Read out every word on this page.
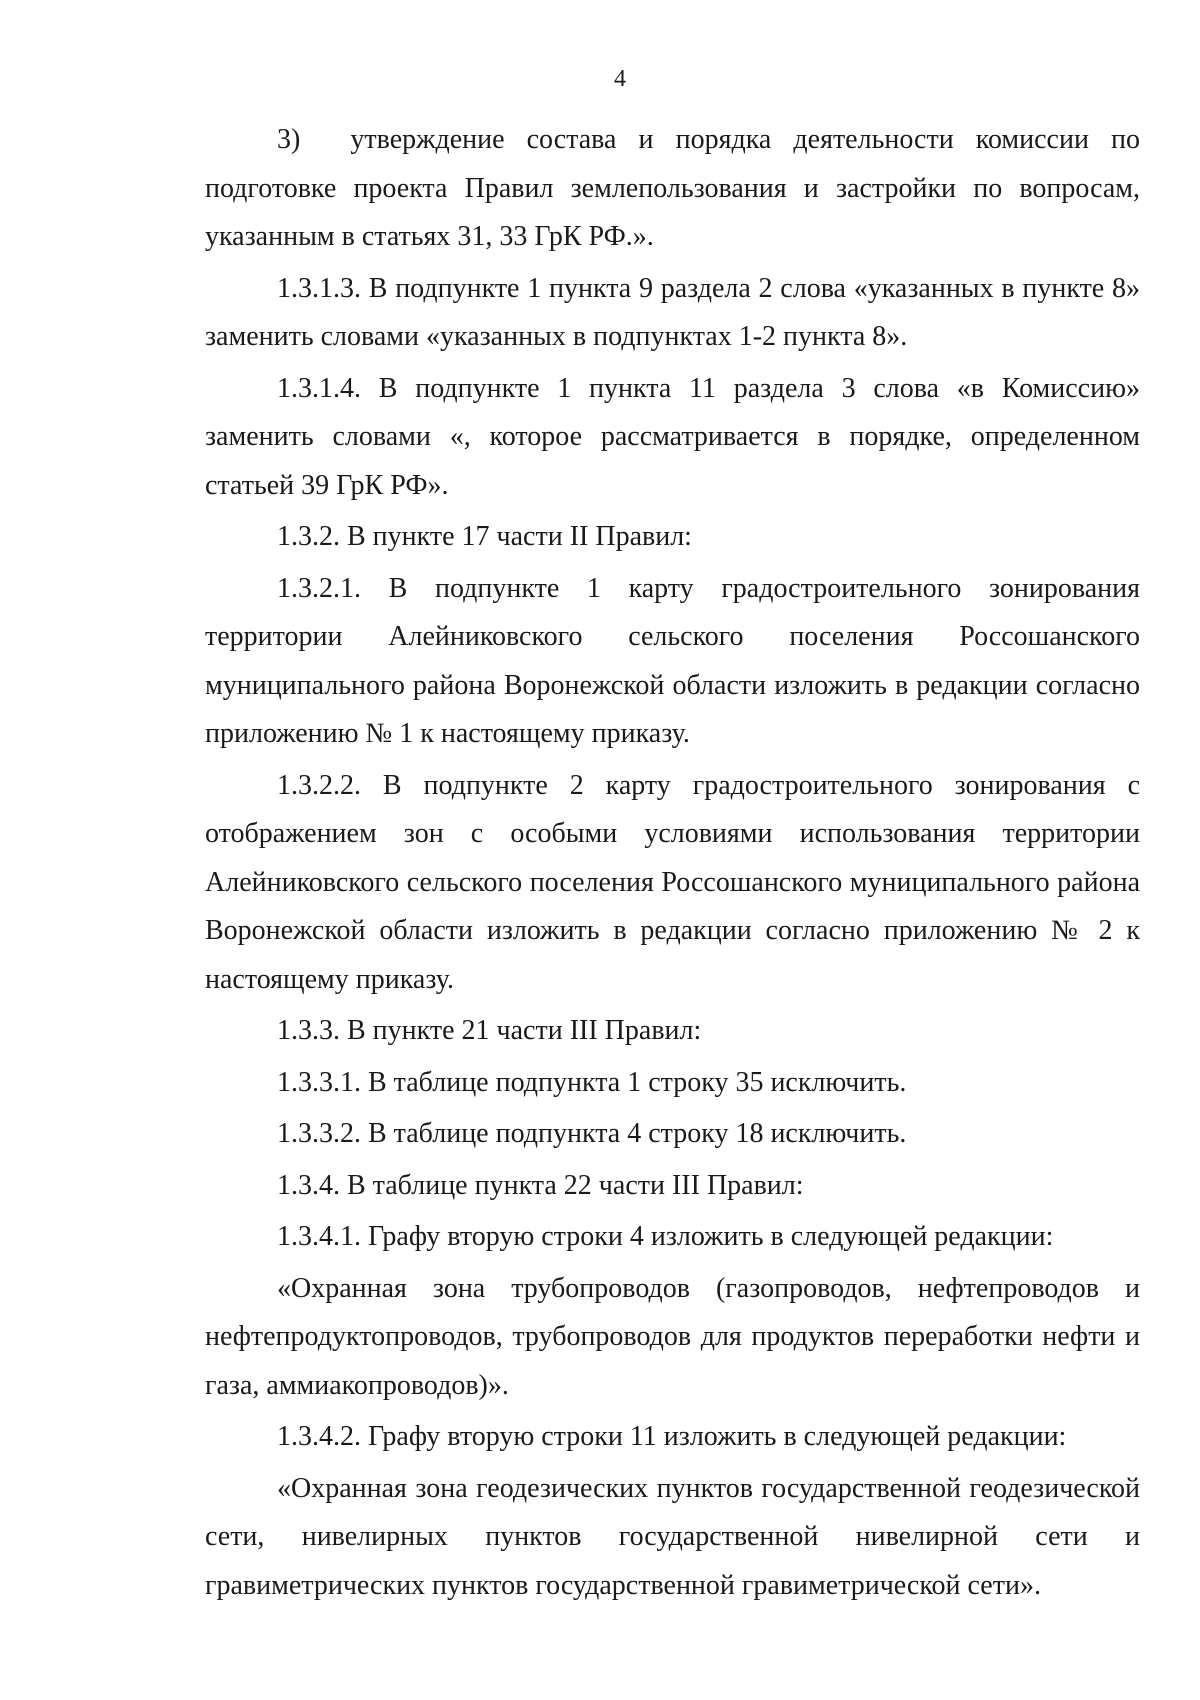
4

3)  утверждение состава и порядка деятельности комиссии по подготовке проекта Правил землепользования и застройки по вопросам, указанным в статьях 31, 33 ГрК РФ.».

1.3.1.3. В подпункте 1 пункта 9 раздела 2 слова «указанных в пункте 8» заменить словами «указанных в подпунктах 1-2 пункта 8».

1.3.1.4. В подпункте 1 пункта 11 раздела 3 слова «в Комиссию» заменить словами «, которое рассматривается в порядке, определенном статьей 39 ГрК РФ».

1.3.2. В пункте 17 части II Правил:

1.3.2.1. В подпункте 1 карту градостроительного зонирования территории Алейниковского сельского поселения Россошанского муниципального района Воронежской области изложить в редакции согласно приложению № 1 к настоящему приказу.

1.3.2.2. В подпункте 2 карту градостроительного зонирования с отображением зон с особыми условиями использования территории Алейниковского сельского поселения Россошанского муниципального района Воронежской области изложить в редакции согласно приложению № 2 к настоящему приказу.

1.3.3. В пункте 21 части III Правил:

1.3.3.1. В таблице подпункта 1 строку 35 исключить.

1.3.3.2. В таблице подпункта 4 строку 18 исключить.

1.3.4. В таблице пункта 22 части III Правил:

1.3.4.1. Графу вторую строки 4 изложить в следующей редакции:

«Охранная зона трубопроводов (газопроводов, нефтепроводов и нефтепродуктопроводов, трубопроводов для продуктов переработки нефти и газа, аммиакопроводов)».

1.3.4.2. Графу вторую строки 11 изложить в следующей редакции:

«Охранная зона геодезических пунктов государственной геодезической сети, нивелирных пунктов государственной нивелирной сети и гравиметрических пунктов государственной гравиметрической сети».
